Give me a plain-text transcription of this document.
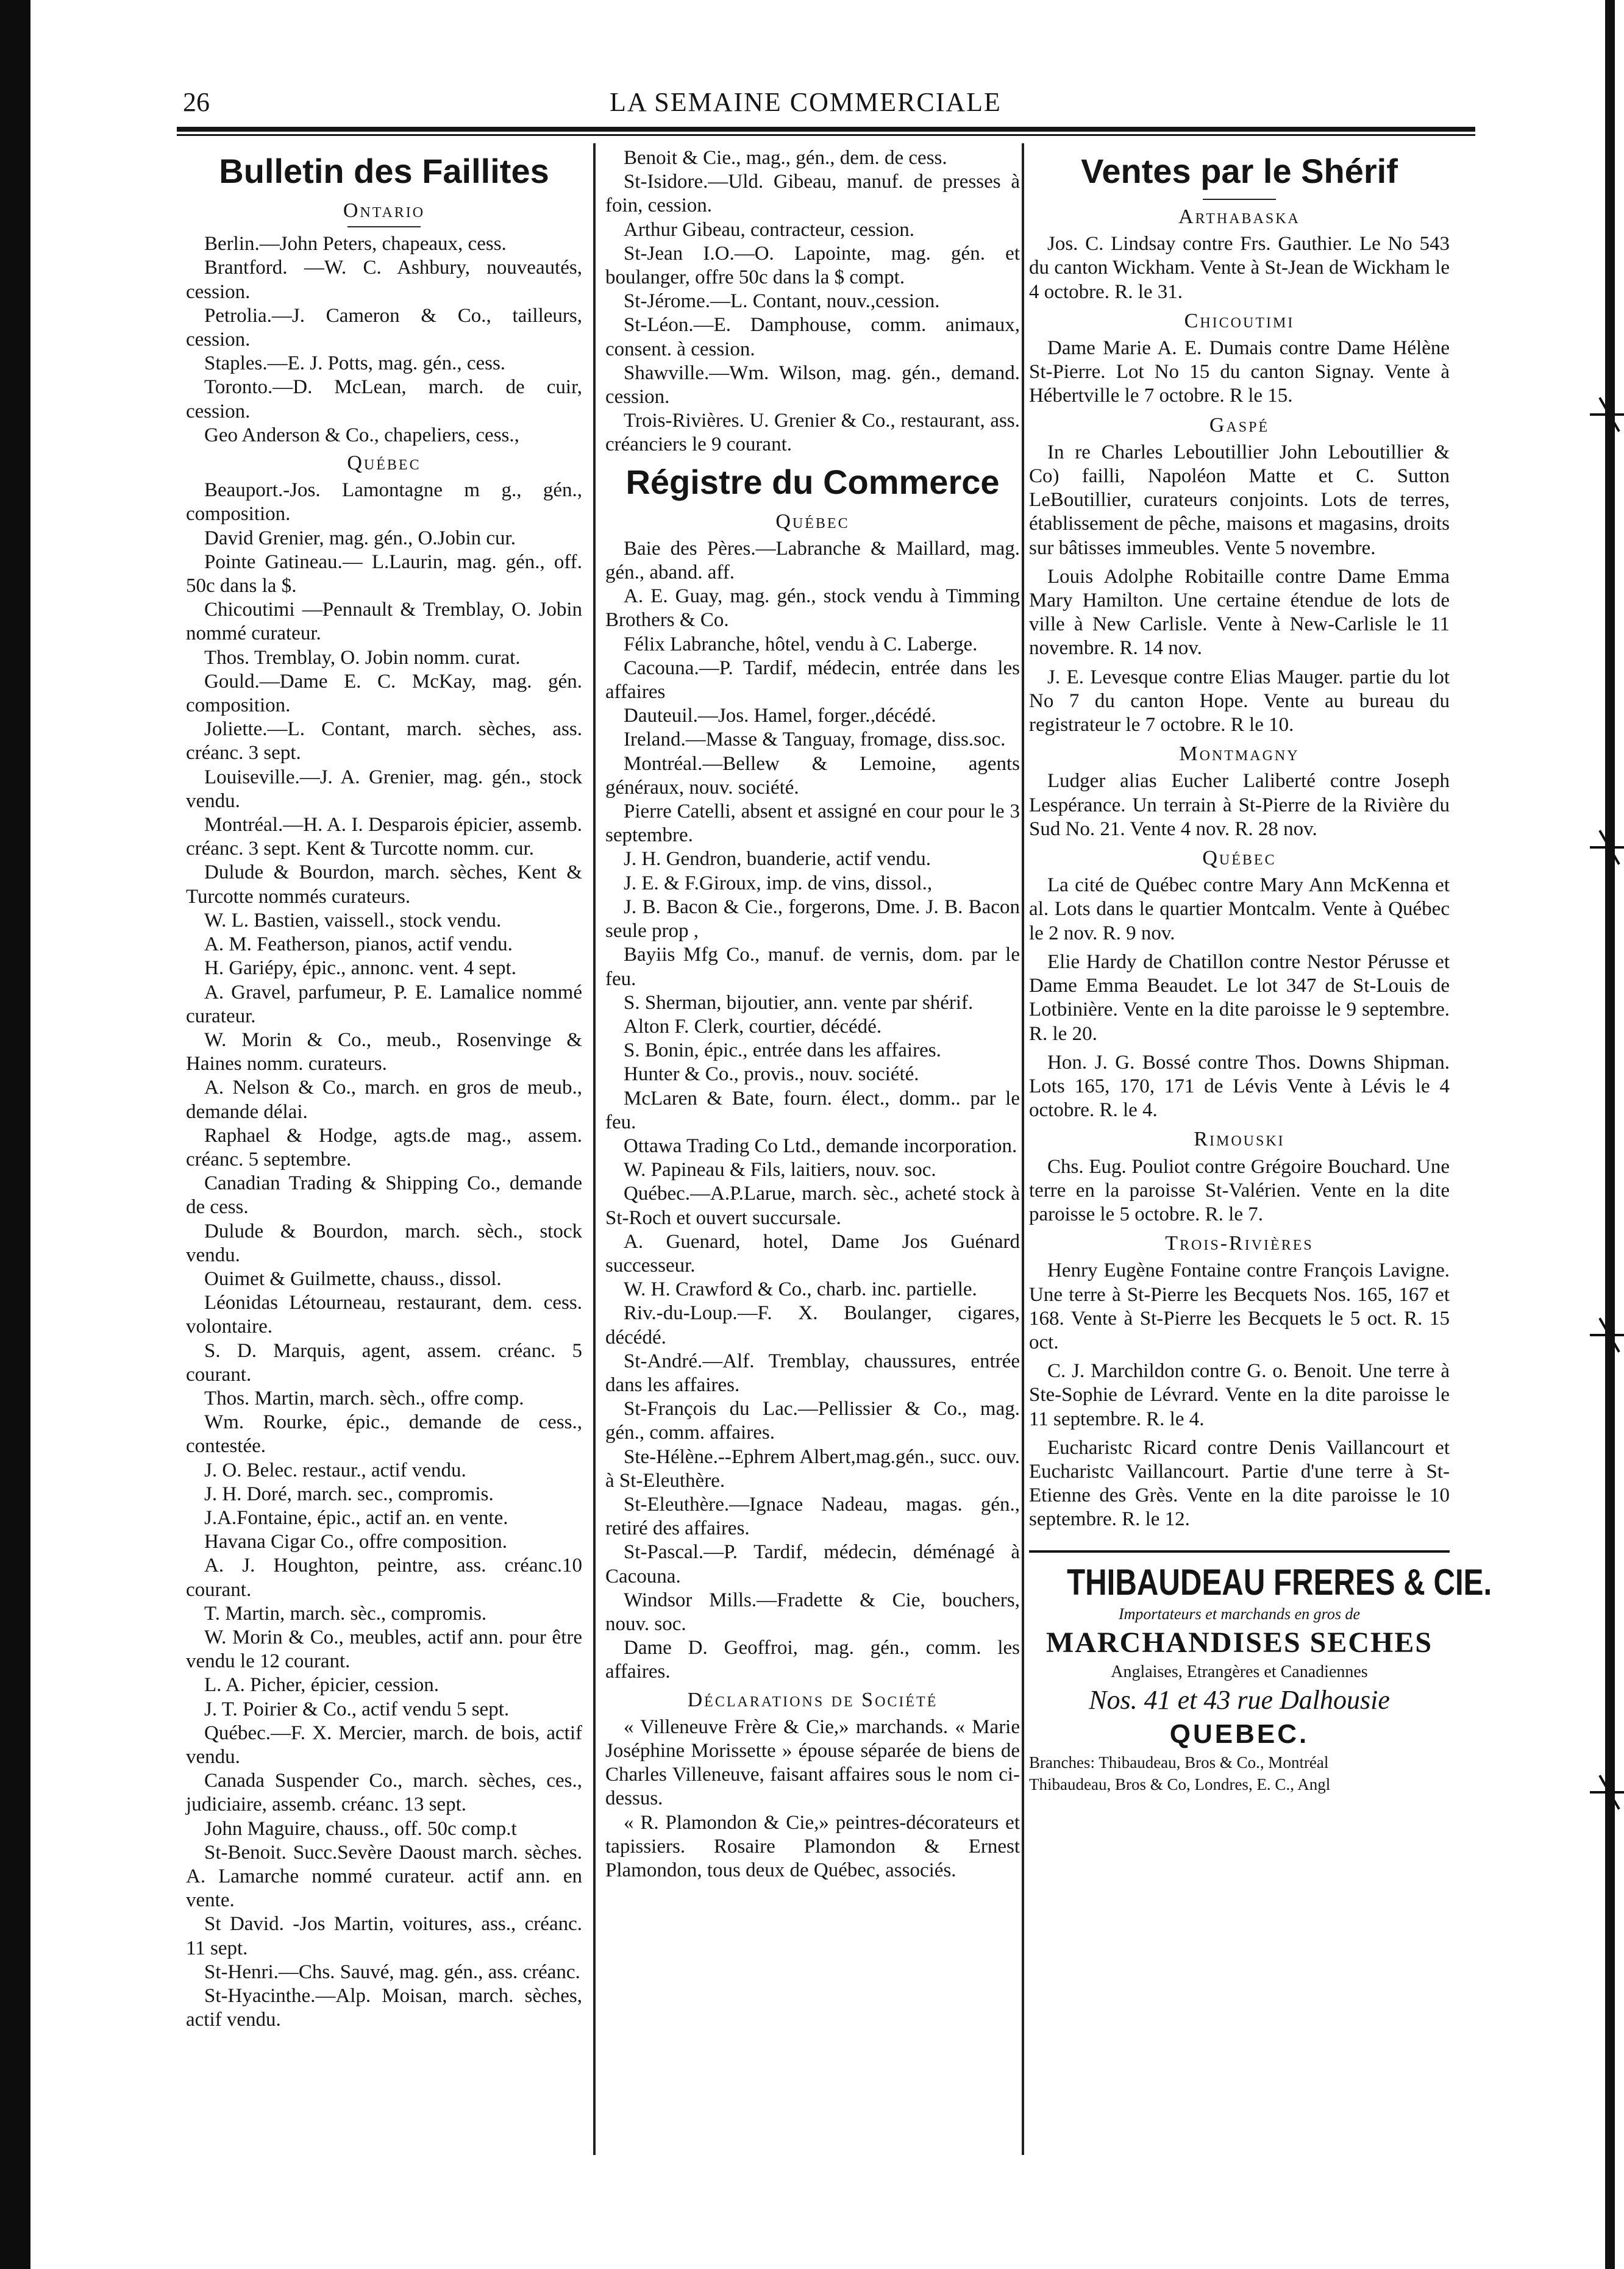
26	LA SEMAINE COMMERCIALE
Bulletin des Faillites
Ontario
Berlin.—John Peters, chapeaux, cess.
Brantford. —W. C. Ashbury, nouveautés, cession.
Petrolia.—J. Cameron & Co., tailleurs, cession.
Staples.—E. J. Potts, mag. gén., cess.
Toronto.—D. McLean, march. de cuir, cession.
Geo Anderson & Co., chapeliers, cess.,
Québec
Beauport.-Jos. Lamontagne m g., gén., composition.
David Grenier, mag. gén., O.Jobin cur.
Pointe Gatineau.— L.Laurin, mag. gén., off. 50c dans la $.
Chicoutimi —Pennault & Tremblay, O. Jobin nommé curateur.
Thos. Tremblay, O. Jobin nomm. curat.
Gould.—Dame E. C. McKay, mag. gén. composition.
Joliette.—L. Contant, march. sèches, ass. créanc. 3 sept.
Louiseville.—J. A. Grenier, mag. gén., stock vendu.
Montréal.—H. A. I. Desparois épicier, assemb. créanc. 3 sept. Kent & Turcotte nomm. cur.
Dulude & Bourdon, march. sèches, Kent & Turcotte nommés curateurs.
W. L. Bastien, vaissell., stock vendu.
A. M. Featherson, pianos, actif vendu.
H. Gariépy, épic., annonc. vent. 4 sept.
A. Gravel, parfumeur, P. E. Lamalice nommé curateur.
W. Morin & Co., meub., Rosenvinge & Haines nomm. curateurs.
A. Nelson & Co., march. en gros de meub., demande délai.
Raphael & Hodge, agts.de mag., assem. créanc. 5 septembre.
Canadian Trading & Shipping Co., demande de cess.
Dulude & Bourdon, march. sèch., stock vendu.
Ouimet & Guilmette, chauss., dissol.
Léonidas Létourneau, restaurant, dem. cess. volontaire.
S. D. Marquis, agent, assem. créanc. 5 courant.
Thos. Martin, march. sèch., offre comp.
Wm. Rourke, épic., demande de cess., contestée.
J. O. Belec. restaur., actif vendu.
J. H. Doré, march. sec., compromis.
J.A.Fontaine, épic., actif an. en vente.
Havana Cigar Co., offre composition.
A. J. Houghton, peintre, ass. créanc.10 courant.
T. Martin, march. sèc., compromis.
W. Morin & Co., meubles, actif ann. pour être vendu le 12 courant.
L. A. Picher, épicier, cession.
J. T. Poirier & Co., actif vendu 5 sept.
Québec.—F. X. Mercier, march. de bois, actif vendu.
Canada Suspender Co., march. sèches, ces., judiciaire, assemb. créanc. 13 sept.
John Maguire, chauss., off. 50c comp.t
St-Benoit. Succ.Sevère Daoust march. sèches. A. Lamarche nommé curateur. actif ann. en vente.
St David. -Jos Martin, voitures, ass., créanc. 11 sept.
St-Henri.—Chs. Sauvé, mag. gén., ass. créanc.
St-Hyacinthe.—Alp. Moisan, march. sèches, actif vendu.
Benoit & Cie., mag., gén., dem. de cess.
St-Isidore.—Uld. Gibeau, manuf. de presses à foin, cession.
Arthur Gibeau, contracteur, cession.
St-Jean I.O.—O. Lapointe, mag. gén. et boulanger, offre 50c dans la $ compt.
St-Jérome.—L. Contant, nouv.,cession.
St-Léon.—E. Damphouse, comm. animaux, consent. à cession.
Shawville.—Wm. Wilson, mag. gén., demand. cession.
Trois-Rivières. U. Grenier & Co., restaurant, ass. créanciers le 9 courant.
Régistre du Commerce
Québec
Baie des Pères.—Labranche & Maillard, mag. gén., aband. aff.
A. E. Guay, mag. gén., stock vendu à Timming Brothers & Co.
Félix Labranche, hôtel, vendu à C. Laberge.
Cacouna.—P. Tardif, médecin, entrée dans les affaires
Dauteuil.—Jos. Hamel, forger.,décédé.
Ireland.—Masse & Tanguay, fromage, diss.soc.
Montréal.—Bellew & Lemoine, agents généraux, nouv. société.
Pierre Catelli, absent et assigné en cour pour le 3 septembre.
J. H. Gendron, buanderie, actif vendu.
J. E. & F.Giroux, imp. de vins, dissol.,
J. B. Bacon & Cie., forgerons, Dme. J. B. Bacon seule prop ,
Bayiis Mfg Co., manuf. de vernis, dom. par le feu.
S. Sherman, bijoutier, ann. vente par shérif.
Alton F. Clerk, courtier, décédé.
S. Bonin, épic., entrée dans les affaires.
Hunter & Co., provis., nouv. société.
McLaren & Bate, fourn. élect., domm.. par le feu.
Ottawa Trading Co Ltd., demande incorporation.
W. Papineau & Fils, laitiers, nouv. soc.
Québec.—A.P.Larue, march. sèc., acheté stock à St-Roch et ouvert succursale.
A. Guenard, hotel, Dame Jos Guénard successeur.
W. H. Crawford & Co., charb. inc. partielle.
Riv.-du-Loup.—F. X. Boulanger, cigares, décédé.
St-André.—Alf. Tremblay, chaussures, entrée dans les affaires.
St-François du Lac.—Pellissier & Co., mag. gén., comm. affaires.
Ste-Hélène.--Ephrem Albert,mag.gén., succ. ouv. à St-Eleuthère.
St-Eleuthère.—Ignace Nadeau, magas. gén., retiré des affaires.
St-Pascal.—P. Tardif, médecin, déménagé à Cacouna.
Windsor Mills.—Fradette & Cie, bouchers, nouv. soc.
Dame D. Geoffroi, mag. gén., comm. les affaires.
Déclarations de Société
« Villeneuve Frère & Cie,» marchands. « Marie Joséphine Morissette » épouse séparée de biens de Charles Villeneuve, faisant affaires sous le nom ci-dessus.
« R. Plamondon & Cie,» peintres-décorateurs et tapissiers. Rosaire Plamondon & Ernest Plamondon, tous deux de Québec, associés.
Ventes par le Shérif
Arthabaska
Jos. C. Lindsay contre Frs. Gauthier. Le No 543 du canton Wickham. Vente à St-Jean de Wickham le 4 octobre. R. le 31.
Chicoutimi
Dame Marie A. E. Dumais contre Dame Hélène St-Pierre. Lot No 15 du canton Signay. Vente à Hébertville le 7 octobre. R le 15.
Gaspé
In re Charles Leboutillier John Leboutillier & Co) failli, Napoléon Matte et C. Sutton LeBoutillier, curateurs conjoints. Lots de terres, établissement de pêche, maisons et magasins, droits sur bâtisses immeubles. Vente 5 novembre.
Louis Adolphe Robitaille contre Dame Emma Mary Hamilton. Une certaine étendue de lots de ville à New Carlisle. Vente à New-Carlisle le 11 novembre. R. 14 nov.
J. E. Levesque contre Elias Mauger. partie du lot No 7 du canton Hope. Vente au bureau du registrateur le 7 octobre. R le 10.
Montmagny
Ludger alias Eucher Laliberté contre Joseph Lespérance. Un terrain à St-Pierre de la Rivière du Sud No. 21. Vente 4 nov. R. 28 nov.
Québec
La cité de Québec contre Mary Ann McKenna et al. Lots dans le quartier Montcalm. Vente à Québec le 2 nov. R. 9 nov.
Elie Hardy de Chatillon contre Nestor Pérusse et Dame Emma Beaudet. Le lot 347 de St-Louis de Lotbinière. Vente en la dite paroisse le 9 septembre. R. le 20.
Hon. J. G. Bossé contre Thos. Downs Shipman. Lots 165, 170, 171 de Lévis Vente à Lévis le 4 octobre. R. le 4.
Rimouski
Chs. Eug. Pouliot contre Grégoire Bouchard. Une terre en la paroisse St-Valérien. Vente en la dite paroisse le 5 octobre. R. le 7.
Trois-Rivières
Henry Eugène Fontaine contre François Lavigne. Une terre à St-Pierre les Becquets Nos. 165, 167 et 168. Vente à St-Pierre les Becquets le 5 oct. R. 15 oct.
C. J. Marchildon contre G. o. Benoit. Une terre à Ste-Sophie de Lévrard. Vente en la dite paroisse le 11 septembre. R. le 4.
Eucharistc Ricard contre Denis Vaillancourt et Eucharistc Vaillancourt. Partie d'une terre à St-Etienne des Grès. Vente en la dite paroisse le 10 septembre. R. le 12.
THIBAUDEAU FRERES & CIE.
Importateurs et marchands en gros de
MARCHANDISES SECHES
Anglaises, Etrangères et Canadiennes
Nos. 41 et 43 rue Dalhousie
QUEBEC.
Branches: Thibaudeau, Bros & Co., Montréal
Thibaudeau, Bros & Co, Londres, E. C., Angl
